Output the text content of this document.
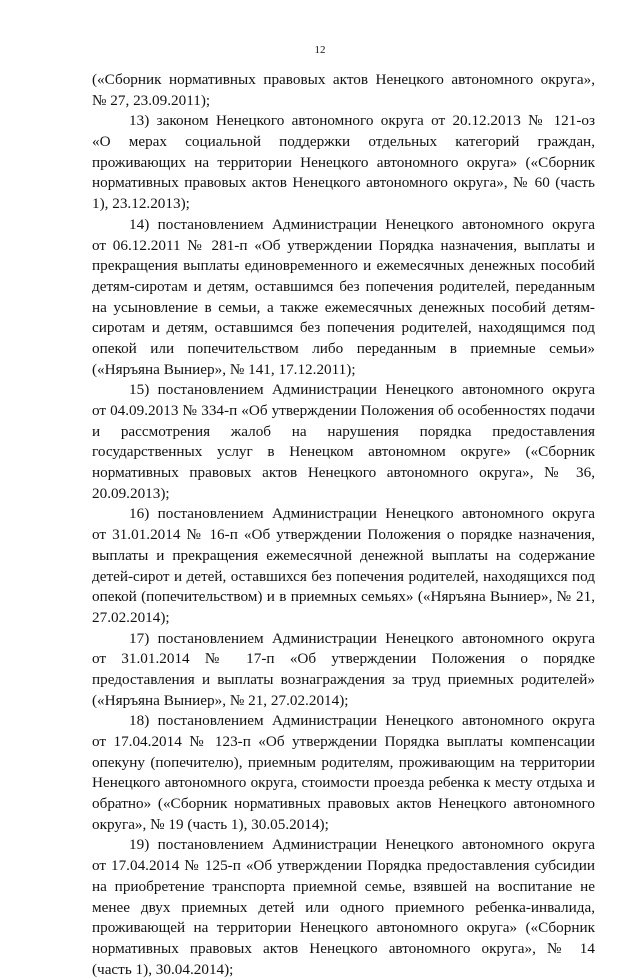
12
(«Сборник нормативных правовых актов Ненецкого автономного округа»,
№ 27, 23.09.2011);
13) законом Ненецкого автономного округа от 20.12.2013 № 121-оз
«О мерах социальной поддержки отдельных категорий граждан,
проживающих на территории Ненецкого автономного округа» («Сборник
нормативных правовых актов Ненецкого автономного округа», № 60 (часть
1), 23.12.2013);
14) постановлением Администрации Ненецкого автономного округа
от 06.12.2011 № 281-п «Об утверждении Порядка назначения, выплаты и
прекращения выплаты единовременного и ежемесячных денежных пособий
детям-сиротам и детям, оставшимся без попечения родителей, переданным
на усыновление в семьи, а также ежемесячных денежных пособий детям-
сиротам и детям, оставшимся без попечения родителей, находящимся под
опекой или попечительством либо переданным в приемные семьи»
(«Няръяна Выниер», № 141, 17.12.2011);
15) постановлением Администрации Ненецкого автономного округа
от 04.09.2013 № 334-п «Об утверждении Положения об особенностях подачи
и рассмотрения жалоб на нарушения порядка предоставления
государственных услуг в Ненецком автономном округе» («Сборник
нормативных правовых актов Ненецкого автономного округа», № 36,
20.09.2013);
16) постановлением Администрации Ненецкого автономного округа
от 31.01.2014 № 16-п «Об утверждении Положения о порядке назначения,
выплаты и прекращения ежемесячной денежной выплаты на содержание
детей-сирот и детей, оставшихся без попечения родителей, находящихся под
опекой (попечительством) и в приемных семьях» («Няръяна Выниер», № 21,
27.02.2014);
17) постановлением Администрации Ненецкого автономного округа
от 31.01.2014 № 17-п «Об утверждении Положения о порядке
предоставления и выплаты вознаграждения за труд приемных родителей»
(«Няръяна Выниер», № 21, 27.02.2014);
18) постановлением Администрации Ненецкого автономного округа
от 17.04.2014 № 123-п «Об утверждении Порядка выплаты компенсации
опекуну (попечителю), приемным родителям, проживающим на территории
Ненецкого автономного округа, стоимости проезда ребенка к месту отдыха и
обратно» («Сборник нормативных правовых актов Ненецкого автономного
округа», № 19 (часть 1), 30.05.2014);
19) постановлением Администрации Ненецкого автономного округа
от 17.04.2014 № 125-п «Об утверждении Порядка предоставления субсидии
на приобретение транспорта приемной семье, взявшей на воспитание не
менее двух приемных детей или одного приемного ребенка-инвалида,
проживающей на территории Ненецкого автономного округа» («Сборник
нормативных правовых актов Ненецкого автономного округа», № 14
(часть 1), 30.04.2014);
